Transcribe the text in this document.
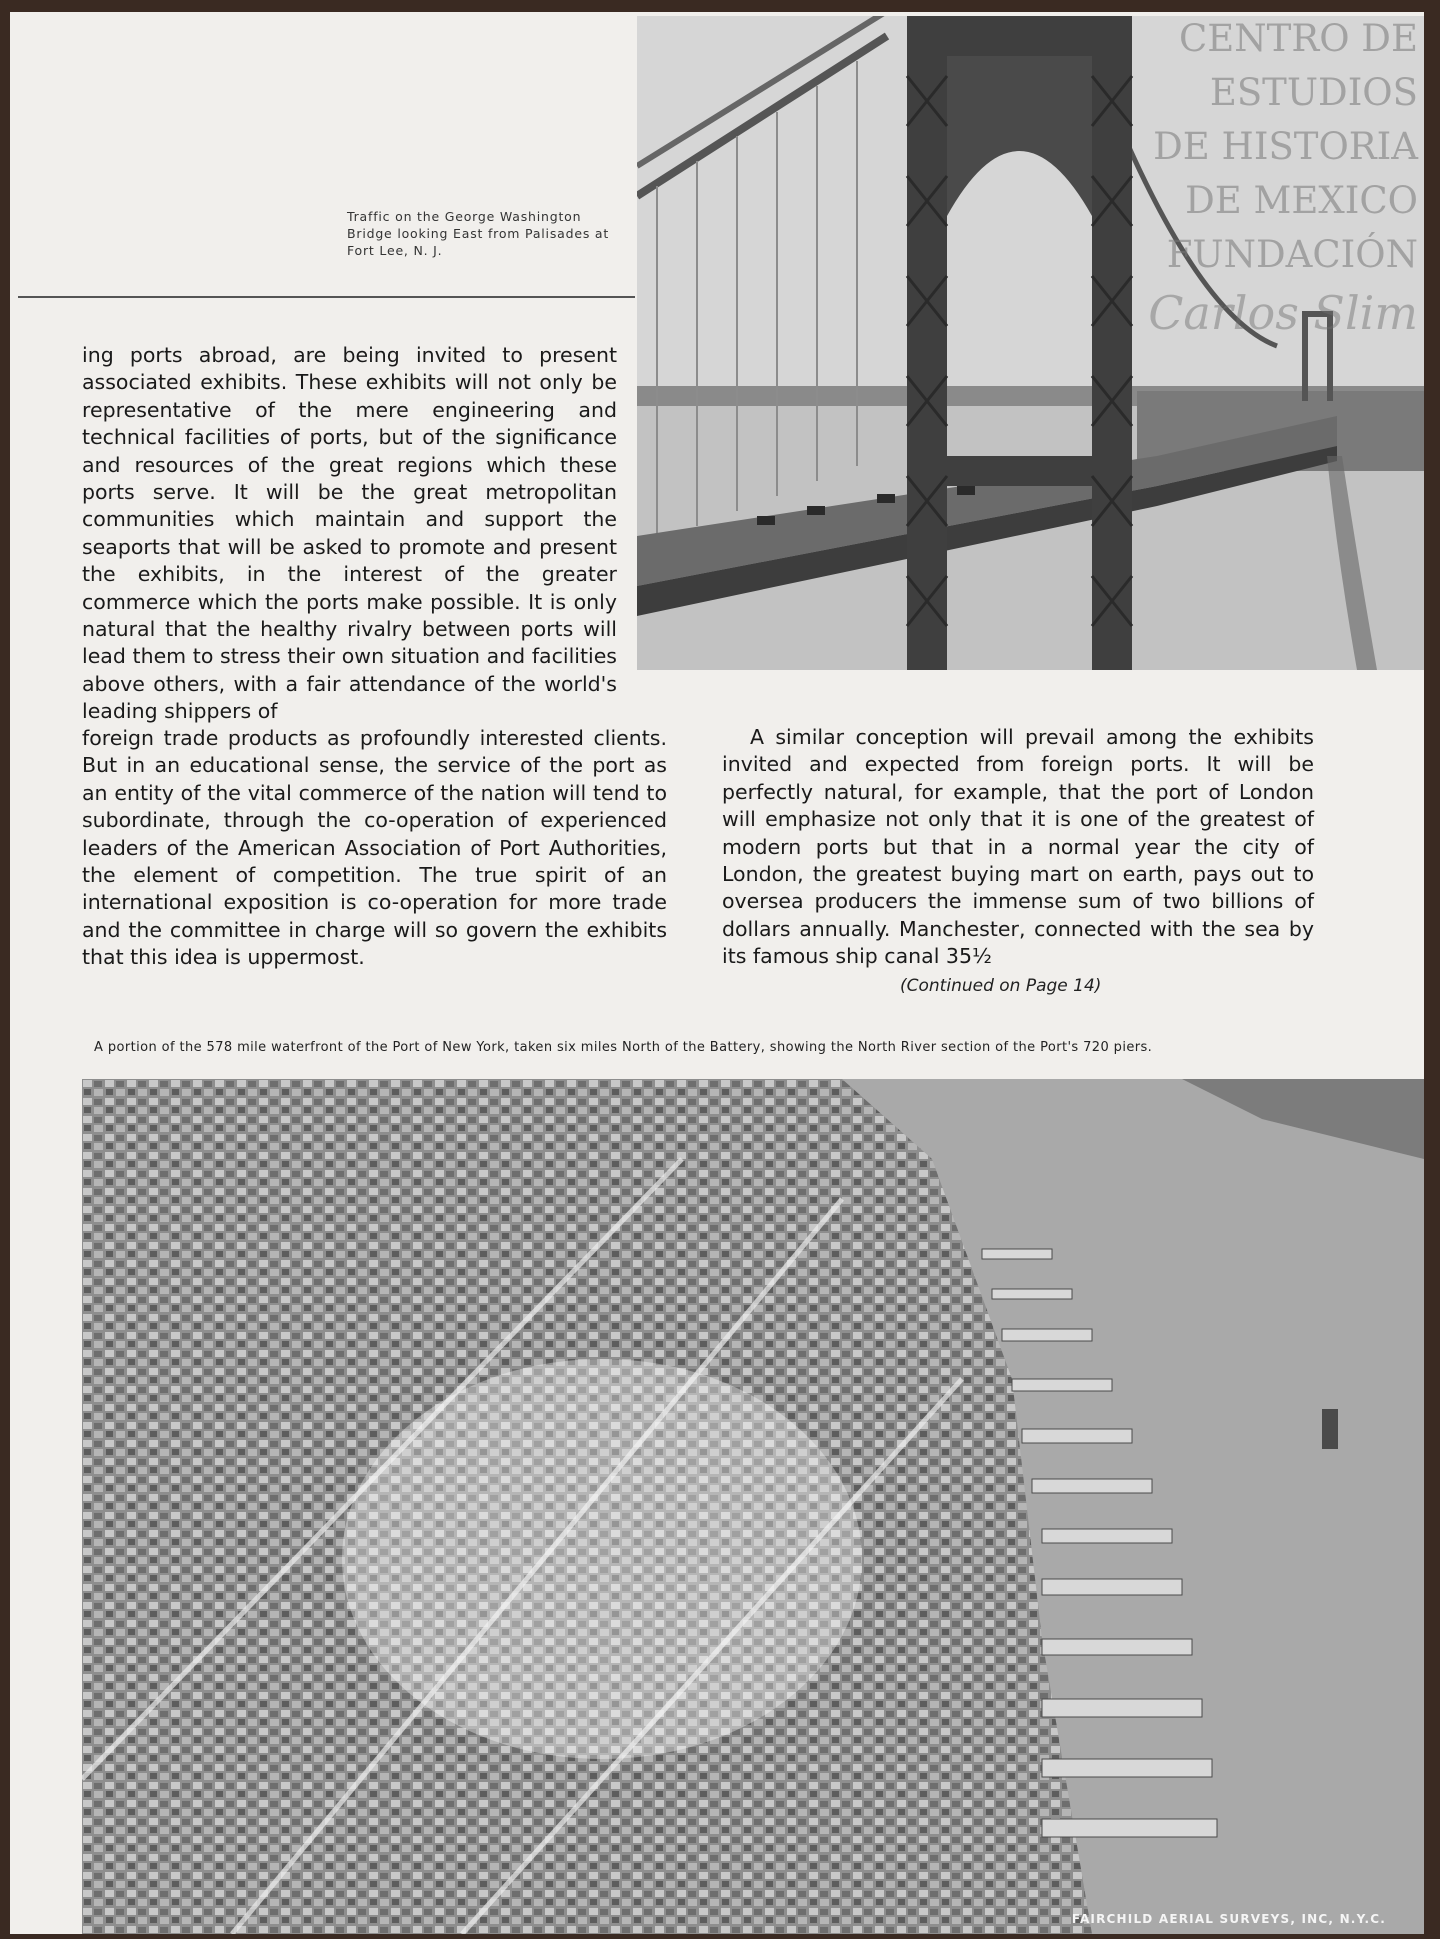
CENTRO DE
ESTUDIOS
DE HISTORIA
DE MEXICO
FUNDACIÓN
Carlos Slim
Traffic on the George Washington Bridge looking East from Palisades at Fort Lee, N. J.
ing ports abroad, are being invited to present associated exhibits. These exhibits will not only be representative of the mere engineering and technical facilities of ports, but of the significance and resources of the great regions which these ports serve. It will be the great metropolitan communities which maintain and support the seaports that will be asked to promote and present the exhibits, in the interest of the greater commerce which the ports make possible. It is only natural that the healthy rivalry between ports will lead them to stress their own situation and facilities above others, with a fair attendance of the world's leading shippers of
foreign trade products as profoundly interested clients. But in an educational sense, the service of the port as an entity of the vital commerce of the nation will tend to subordinate, through the co-operation of experienced leaders of the American Association of Port Authorities, the element of competition. The true spirit of an international exposition is co-operation for more trade and the committee in charge will so govern the exhibits that this idea is uppermost.
A similar conception will prevail among the exhibits invited and expected from foreign ports. It will be perfectly natural, for example, that the port of London will emphasize not only that it is one of the greatest of modern ports but that in a normal year the city of London, the greatest buying mart on earth, pays out to oversea producers the immense sum of two billions of dollars annually. Manchester, connected with the sea by its famous ship canal 35½
(Continued on Page 14)
A portion of the 578 mile waterfront of the Port of New York, taken six miles North of the Battery, showing the North River section of the Port's 720 piers.
FAIRCHILD AERIAL SURVEYS, INC, N.Y.C.
